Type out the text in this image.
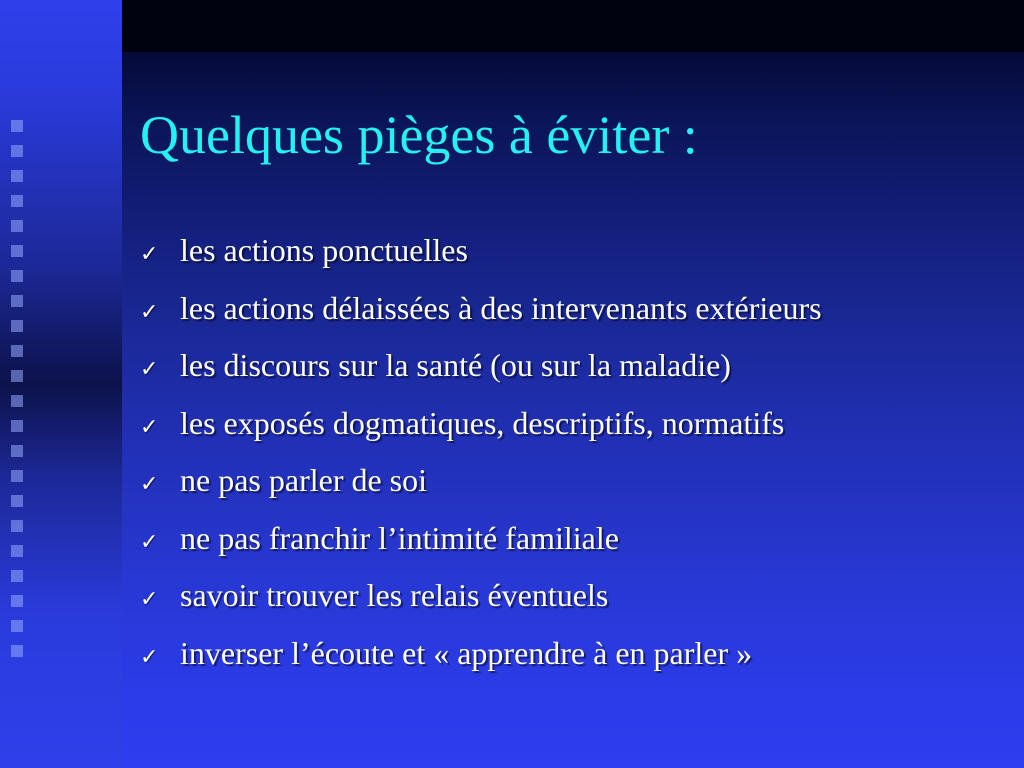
Quelques pièges à éviter :
✓ les actions ponctuelles
✓ les actions délaissées à des intervenants extérieurs
✓ les discours sur la santé (ou sur la maladie)
✓ les exposés dogmatiques, descriptifs, normatifs
✓ ne pas parler de soi
✓ ne pas franchir l’intimité familiale
✓ savoir trouver les relais éventuels
✓ inverser l’écoute et « apprendre à en parler »
